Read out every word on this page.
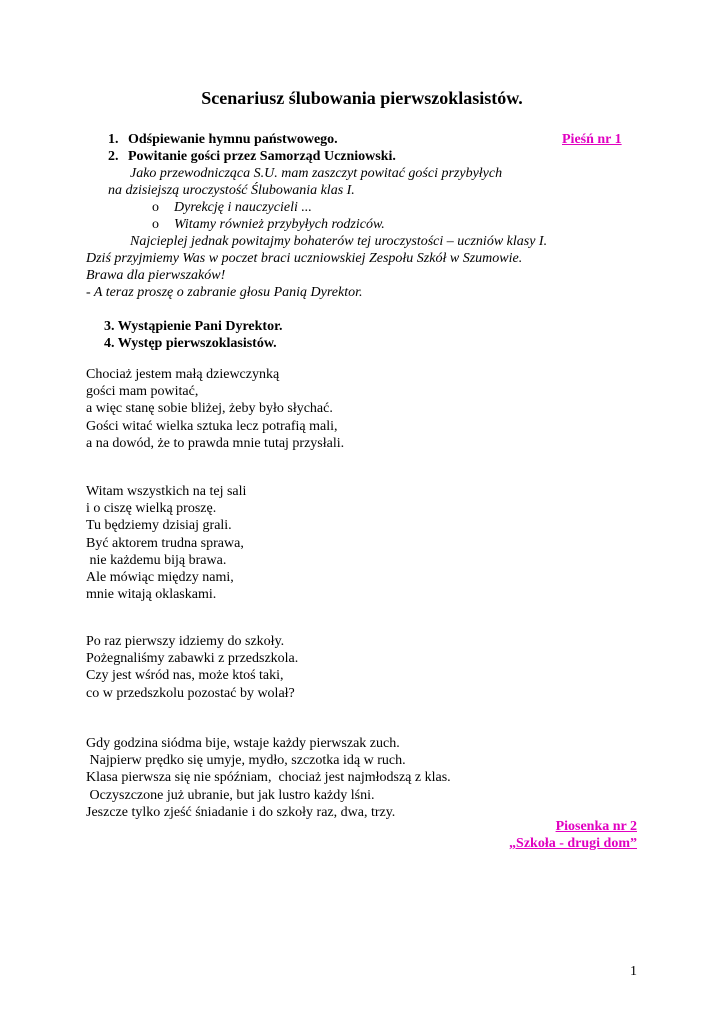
Scenariusz ślubowania pierwszoklasistów.
1. Odśpiewanie hymnu państwowego.	Pieśń nr 1
2. Powitanie gości przez Samorząd Uczniowski.
Jako przewodnicząca S.U. mam zaszczyt powitać gości przybyłych
na dzisiejszą uroczystość Ślubowania klas I.
o Dyrekcję i nauczycieli ...
o Witamy również przybyłych rodziców.
Najcieplej jednak powitajmy bohaterów tej uroczystości – uczniów klasy I.
Dziś przyjmiemy Was w poczet braci uczniowskiej Zespołu Szkół w Szumowie.
Brawa dla pierwszaków!
- A teraz proszę o zabranie głosu Panią Dyrektor.
3. Wystąpienie Pani Dyrektor.
4. Występ pierwszoklasistów.
Chociaż jestem małą dziewczynką
gości mam powitać,
a więc stanę sobie bliżej, żeby było słychać.
Gości witać wielka sztuka lecz potrafią mali,
a na dowód, że to prawda mnie tutaj przysłali.
Witam wszystkich na tej sali
i o ciszę wielką proszę.
Tu będziemy dzisiaj grali.
Być aktorem trudna sprawa,
nie każdemu biją brawa.
Ale mówiąc między nami,
mnie witają oklaskami.
Po raz pierwszy idziemy do szkoły.
Pożegnaliśmy zabawki z przedszkola.
Czy jest wśród nas, może ktoś taki,
co w przedszkolu pozostać by wolał?
Gdy godzina siódma bije, wstaje każdy pierwszak zuch.
Najpierw prędko się umyje, mydło, szczotka idą w ruch.
Klasa pierwsza się nie spóźniam,  chociaż jest najmłodszą z klas.
Oczyszczone już ubranie, but jak lustro każdy lśni.
Jeszcze tylko zjeść śniadanie i do szkoły raz, dwa, trzy.
Piosenka nr 2
„Szkoła - drugi dom”
1
